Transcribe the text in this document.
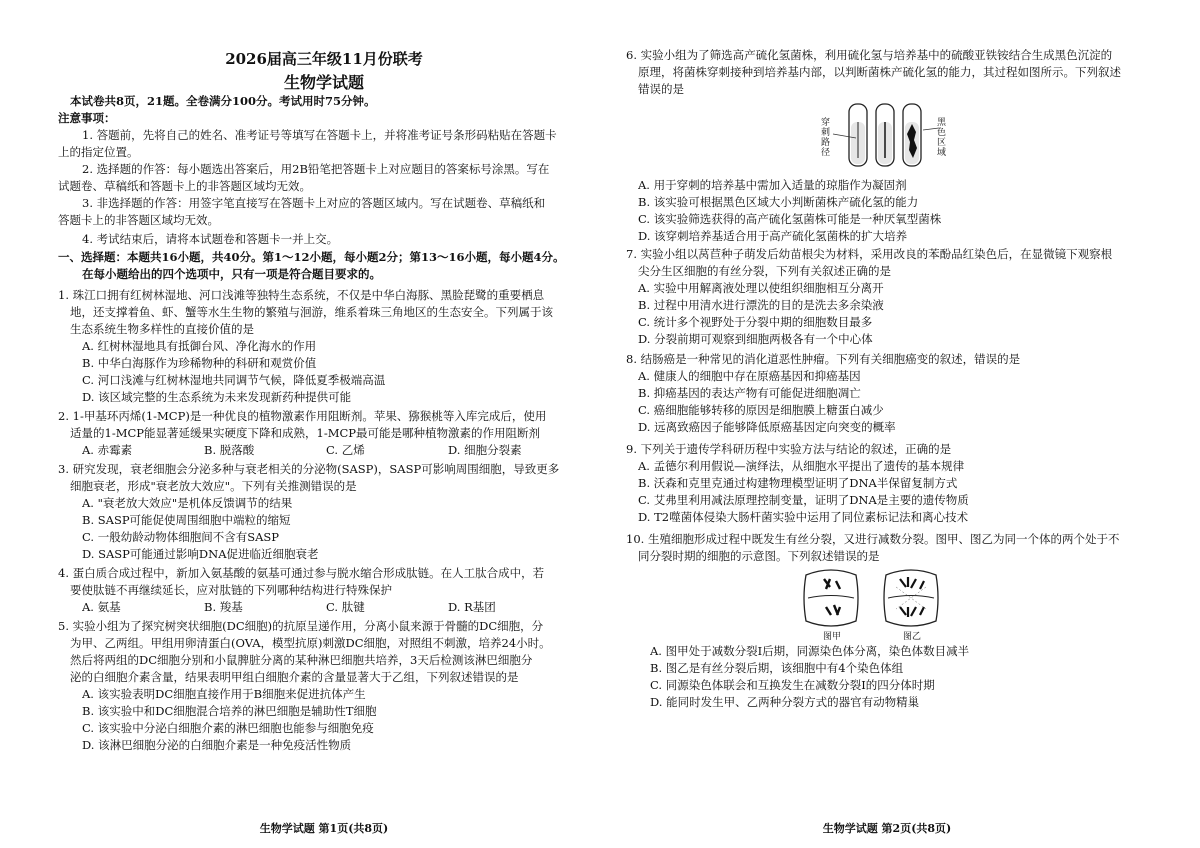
2026届高三年级11月份联考
生物学试题
本试卷共8页，21题。全卷满分100分。考试用时75分钟。
注意事项：
1. 答题前，先将自己的姓名、准考证号等填写在答题卡上，并将准考证号条形码粘贴在答题卡
上的指定位置。
2. 选择题的作答：每小题选出答案后，用2B铅笔把答题卡上对应题目的答案标号涂黑。写在
试题卷、草稿纸和答题卡上的非答题区域均无效。
3. 非选择题的作答：用签字笔直接写在答题卡上对应的答题区域内。写在试题卷、草稿纸和
答题卡上的非答题区域均无效。
4. 考试结束后，请将本试题卷和答题卡一并上交。
一、选择题：本题共16小题，共40分。第1～12小题，每小题2分；第13～16小题，每小题4分。
在每小题给出的四个选项中，只有一项是符合题目要求的。
1. 珠江口拥有红树林湿地、河口浅滩等独特生态系统，不仅是中华白海豚、黑脸琵鹭的重要栖息
地，还支撑着鱼、虾、蟹等水生生物的繁殖与洄游，维系着珠三角地区的生态安全。下列属于该
生态系统生物多样性的直接价值的是
A. 红树林湿地具有抵御台风、净化海水的作用
B. 中华白海豚作为珍稀物种的科研和观赏价值
C. 河口浅滩与红树林湿地共同调节气候，降低夏季极端高温
D. 该区域完整的生态系统为未来发现新药种提供可能
2. 1-甲基环丙烯(1-MCP)是一种优良的植物激素作用阻断剂。苹果、猕猴桃等入库完成后，使用
适量的1-MCP能显著延缓果实硬度下降和成熟，1-MCP最可能是哪种植物激素的作用阻断剂
A. 赤霉素	B. 脱落酸	C. 乙烯	D. 细胞分裂素
3. 研究发现，衰老细胞会分泌多种与衰老相关的分泌物(SASP)，SASP可影响周围细胞，导致更多
细胞衰老，形成"衰老放大效应"。下列有关推测错误的是
A. "衰老放大效应"是机体反馈调节的结果
B. SASP可能促使周围细胞中端粒的缩短
C. 一般幼龄动物体细胞间不含有SASP
D. SASP可能通过影响DNA促进临近细胞衰老
4. 蛋白质合成过程中，新加入氨基酸的氨基可通过参与脱水缩合形成肽链。在人工肽合成中，若
要使肽链不再继续延长，应对肽链的下列哪种结构进行特殊保护
A. 氨基	B. 羧基	C. 肽键	D. R基团
5. 实验小组为了探究树突状细胞(DC细胞)的抗原呈递作用，分离小鼠来源于骨髓的DC细胞，分
为甲、乙两组。甲组用卵清蛋白(OVA，模型抗原)刺激DC细胞，对照组不刺激，培养24小时。
然后将两组的DC细胞分别和小鼠脾脏分离的某种淋巴细胞共培养，3天后检测该淋巴细胞分
泌的白细胞介素含量，结果表明甲组白细胞介素的含量显著大于乙组，下列叙述错误的是
A. 该实验表明DC细胞直接作用于B细胞来促进抗体产生
B. 该实验中和DC细胞混合培养的淋巴细胞是辅助性T细胞
C. 该实验中分泌白细胞介素的淋巴细胞也能参与细胞免疫
D. 该淋巴细胞分泌的白细胞介素是一种免疫活性物质
生物学试题 第1页(共8页)
6. 实验小组为了筛选高产硫化氢菌株，利用硫化氢与培养基中的硫酸亚铁铵结合生成黑色沉淀的
原理，将菌株穿刺接种到培养基内部，以判断菌株产硫化氢的能力，其过程如图所示。下列叙述
错误的是
穿刺路径
黑色区域
A. 用于穿刺的培养基中需加入适量的琼脂作为凝固剂
B. 该实验可根据黑色区域大小判断菌株产硫化氢的能力
C. 该实验筛选获得的高产硫化氢菌株可能是一种厌氧型菌株
D. 该穿刺培养基适合用于高产硫化氢菌株的扩大培养
7. 实验小组以莴苣种子萌发后幼苗根尖为材料，采用改良的苯酚品红染色后，在显微镜下观察根
尖分生区细胞的有丝分裂，下列有关叙述正确的是
A. 实验中用解离液处理以使组织细胞相互分离开
B. 过程中用清水进行漂洗的目的是洗去多余染液
C. 统计多个视野处于分裂中期的细胞数目最多
D. 分裂前期可观察到细胞两极各有一个中心体
8. 结肠癌是一种常见的消化道恶性肿瘤。下列有关细胞癌变的叙述，错误的是
A. 健康人的细胞中存在原癌基因和抑癌基因
B. 抑癌基因的表达产物有可能促进细胞凋亡
C. 癌细胞能够转移的原因是细胞膜上糖蛋白减少
D. 远离致癌因子能够降低原癌基因定向突变的概率
9. 下列关于遗传学科研历程中实验方法与结论的叙述，正确的是
A. 孟德尔利用假说—演绎法，从细胞水平提出了遗传的基本规律
B. 沃森和克里克通过构建物理模型证明了DNA半保留复制方式
C. 艾弗里利用减法原理控制变量，证明了DNA是主要的遗传物质
D. T2噬菌体侵染大肠杆菌实验中运用了同位素标记法和离心技术
10. 生殖细胞形成过程中既发生有丝分裂，又进行减数分裂。图甲、图乙为同一个体的两个处于不
同分裂时期的细胞的示意图。下列叙述错误的是
图甲	图乙
A. 图甲处于减数分裂Ⅰ后期，同源染色体分离，染色体数目减半
B. 图乙是有丝分裂后期，该细胞中有4个染色体组
C. 同源染色体联会和互换发生在减数分裂Ⅰ的四分体时期
D. 能同时发生甲、乙两种分裂方式的器官有动物精巢
生物学试题 第2页(共8页)
